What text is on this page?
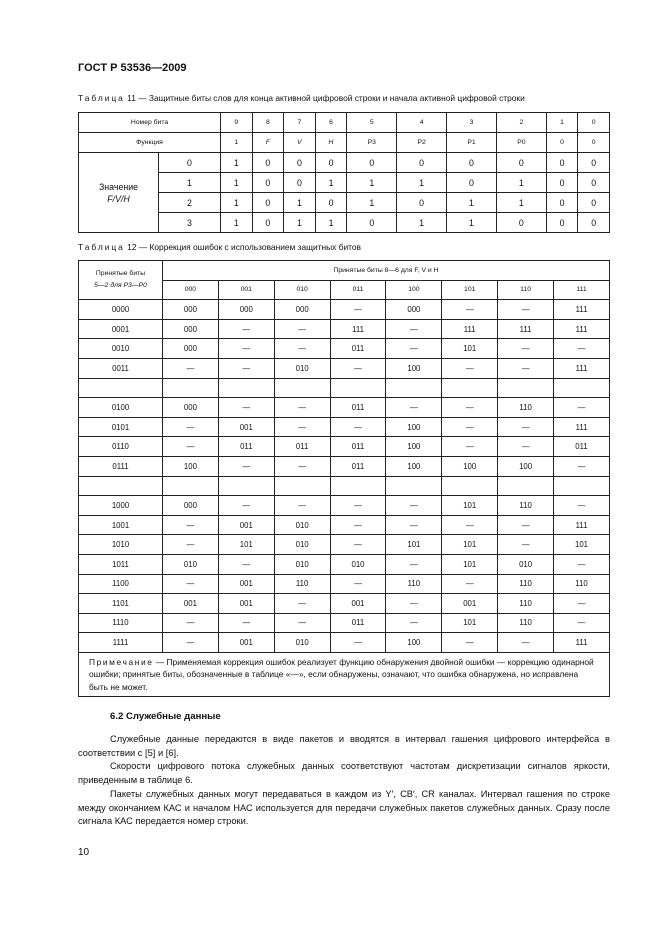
ГОСТ Р 53536—2009
Таблица 11 — Защитные биты слов для конца активной цифровой строки и начала активной цифровой строки
Номер бита		9	8	7	6	5	4	3	2	1	0
Функция		1	F	V	H	P3	P2	P1	P0	0	0

Значение
F/V/H	0	1	0	0	0	0	0	0	0	0	0
	1	1	0	0	1	1	1	0	1	0	0
	2	1	0	1	0	1	0	1	1	0	0
	3	1	0	1	1	0	1	1	0	0	0
Таблица 12 — Коррекция ошибок с использованием защитных битов
Принятые биты
5—2 для P3—P0	Принятые биты 8—6 для F, V и H							
	000	001	010	011	100	101	110	111
0000	000	000	000	—	000	—	—	111
0001	000	—	—	111	—	111	111	111
0010	000	—	—	011	—	101	—	—
0011	—	—	010	—	100	—	—	111

0100	000	—	—	011	—	—	110	—
0101	—	001	—	—	100	—	—	111
0110	—	011	011	011	100	—	—	011
0111	100	—	—	011	100	100	100	—

1000	000	—	—	—	—	101	110	—
1001	—	001	010	—	—	—	—	111
1010	—	101	010	—	101	101	—	101
1011	010	—	010	010	—	101	010	—
1100	—	001	110	—	110	—	110	110
1101	001	001	—	001	—	001	110	—
1110	—	—	—	011	—	101	110	—
1111	—	001	010	—	100	—	—	111
Примечание — Применяемая коррекция ошибок реализует функцию обнаружения двойной ошибки — коррекцию одинарной ошибки; принятые биты, обозначенные в таблице «—», если обнаружены, означают, что ошибка обнаружена, но исправлена быть не может.								
6.2 Служебные данные

Служебные данные передаются в виде пакетов и вводятся в интервал гашения цифрового интерфейса в соответствии с [5] и [6].

Скорости цифрового потока служебных данных соответствуют частотам дискретизации сигналов яркости, приведенным в таблице 6.

Пакеты служебных данных могут передаваться в каждом из Y′, CB′, CR каналах. Интервал гашения по строке между окончанием КАС и началом НАС используется для передачи служебных пакетов служебных данных. Сразу после сигнала КАС передается номер строки.

10
